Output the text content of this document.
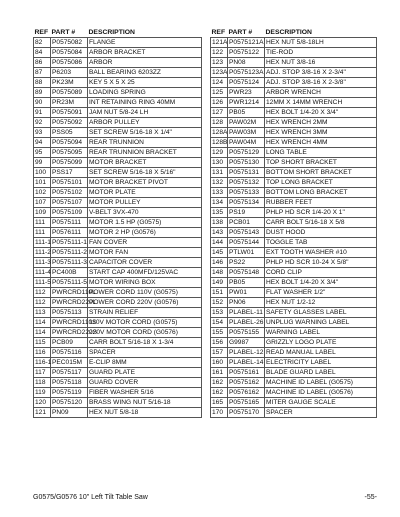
REF	PART #	DESCRIPTION
82	P0575082	FLANGE
84	P0575084	ARBOR BRACKET
86	P0575086	ARBOR
87	P6203	BALL BEARING 6203ZZ
88	PK23M	KEY 5 X 5 X 25
89	P0575089	LOADING SPRING
90	PR23M	INT RETAINING RING 40MM
91	P0575091	JAM NUT 5/8-24 LH
92	P0575092	ARBOR PULLEY
93	PSS05	SET SCREW 5/16-18 X 1/4"
94	P0575094	REAR TRUNNION
95	P0575095	REAR TRUNNION BRACKET
99	P0575099	MOTOR BRACKET
100	PSS17	SET SCREW 5/16-18 X 5/16"
101	P0575101	MOTOR BRACKET PIVOT
102	P0575102	MOTOR PLATE
107	P0575107	MOTOR PULLEY
109	P0575109	V-BELT 3VX-470
111	P0575111	MOTOR 1.5 HP (G0575)
111	P0576111	MOTOR 2 HP (G0576)
111-1	P0575111-1	FAN COVER
111-2	P0575111-2	MOTOR FAN
111-3	P0575111-3	CAPACITOR COVER
111-4	PC400B	START CAP 400MFD/125VAC
111-5	P0575111-5	MOTOR WIRING BOX
112	PWRCRD110L	POWER CORD 110V (G0575)
112	PWRCRD220L	POWER CORD 220V (G0576)
113	P0575113	STRAIN RELIEF
114	PWRCRD110S	110V MOTOR CORD (G0575)
114	PWRCRD220S	220V MOTOR CORD (G0576)
115	PCB09	CARR BOLT 5/16-18 X 1-3/4
116	P0575116	SPACER
116-1	PEC015M	E-CLIP 8MM
117	P0575117	GUARD PLATE
118	P0575118	GUARD COVER
119	P0575119	FIBER WASHER 5/16
120	P0575120	BRASS WING NUT 5/16-18
121	PN09	HEX NUT 5/8-18
REF	PART #	DESCRIPTION
121A	P0575121A	HEX NUT 5/8-18LH
122	P0575122	TIE-ROD
123	PN08	HEX NUT 3/8-16
123A	P0575123A	ADJ. STOP 3/8-16 X 2-3/4"
124	P0575124	ADJ. STOP 3/8-16 X 2-3/8"
125	PWR23	ARBOR WRENCH
126	PWR1214	12MM X 14MM WRENCH
127	PB05	HEX BOLT 1/4-20 X 3/4"
128	PAW02M	HEX WRENCH 2MM
128A	PAW03M	HEX WRENCH 3MM
128B	PAW04M	HEX WRENCH 4MM
129	P0575129	LONG TABLE
130	P0575130	TOP SHORT BRACKET
131	P0575131	BOTTOM SHORT BRACKET
132	P0575132	TOP LONG BRACKET
133	P0575133	BOTTOM LONG BRACKET
134	P0575134	RUBBER FEET
135	PS19	PHLP HD SCR 1/4-20 X 1"
138	PCB01	CARR BOLT 5/16-18 X 5/8
143	P0575143	DUST HOOD
144	P0575144	TOGGLE TAB
145	PTLW01	EXT TOOTH WASHER #10
146	PS22	PHLP HD SCR 10-24 X 5/8"
148	P0575148	CORD CLIP
149	PB05	HEX BOLT 1/4-20 X 3/4"
151	PW01	FLAT WASHER 1/2"
152	PN06	HEX NUT 1/2-12
153	PLABEL-11	SAFETY GLASSES LABEL
154	PLABEL-26	UNPLUG WARNING LABEL
155	P0575155	WARNING LABEL
156	G9987	GRIZZLY LOGO PLATE
157	PLABEL-12	READ MANUAL LABEL
160	PLABEL-14	ELECTRICITY LABEL
161	P0575161	BLADE GUARD LABEL
162	P0575162	MACHINE ID LABEL (G0575)
162	P0576162	MACHINE ID LABEL (G0576)
165	P0575165	MITER GAUGE SCALE
170	P0575170	SPACER
G0575/G0576 10" Left Tilt Table Saw	-55-
